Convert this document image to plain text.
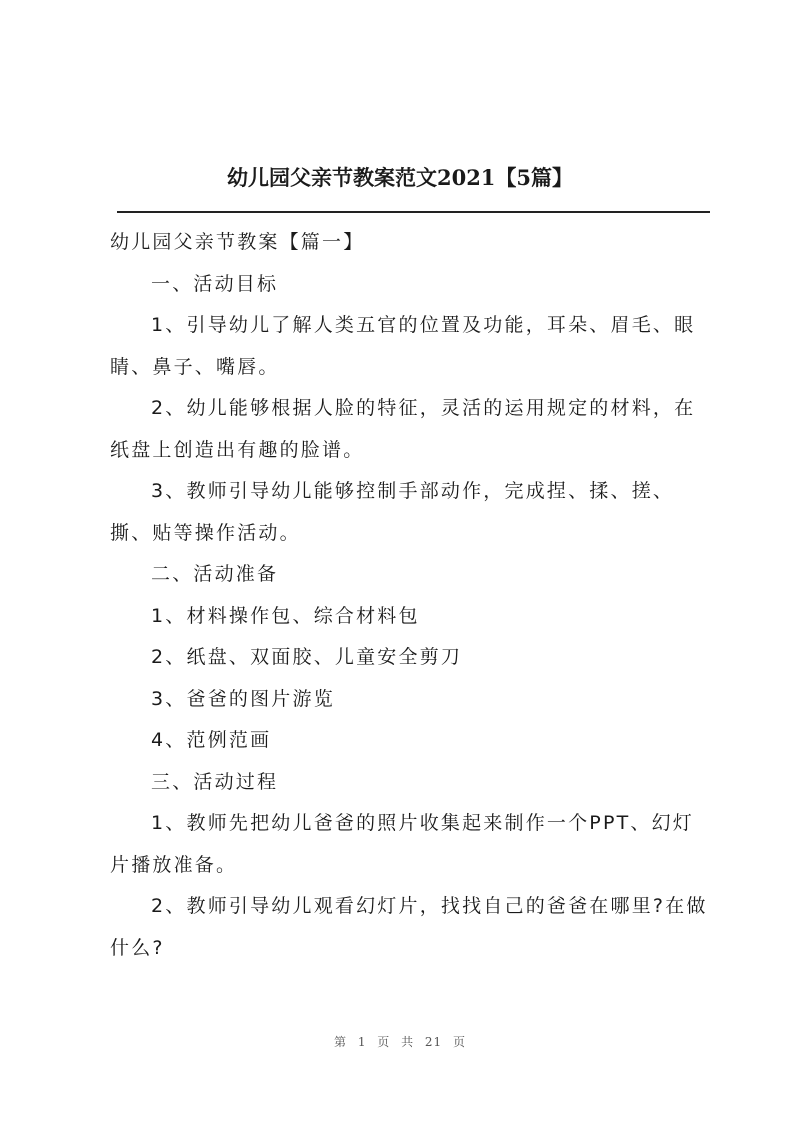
幼儿园父亲节教案范文2021【5篇】

幼儿园父亲节教案【篇一】

一、活动目标

1、引导幼儿了解人类五官的位置及功能，耳朵、眉毛、眼睛、鼻子、嘴唇。

2、幼儿能够根据人脸的特征，灵活的运用规定的材料，在纸盘上创造出有趣的脸谱。

3、教师引导幼儿能够控制手部动作，完成捏、揉、搓、撕、贴等操作活动。

二、活动准备

1、材料操作包、综合材料包

2、纸盘、双面胶、儿童安全剪刀

3、爸爸的图片游览

4、范例范画

三、活动过程

1、教师先把幼儿爸爸的照片收集起来制作一个PPT、幻灯片播放准备。

2、教师引导幼儿观看幻灯片，找找自己的爸爸在哪里?在做什么?

第 1 页 共 21 页
